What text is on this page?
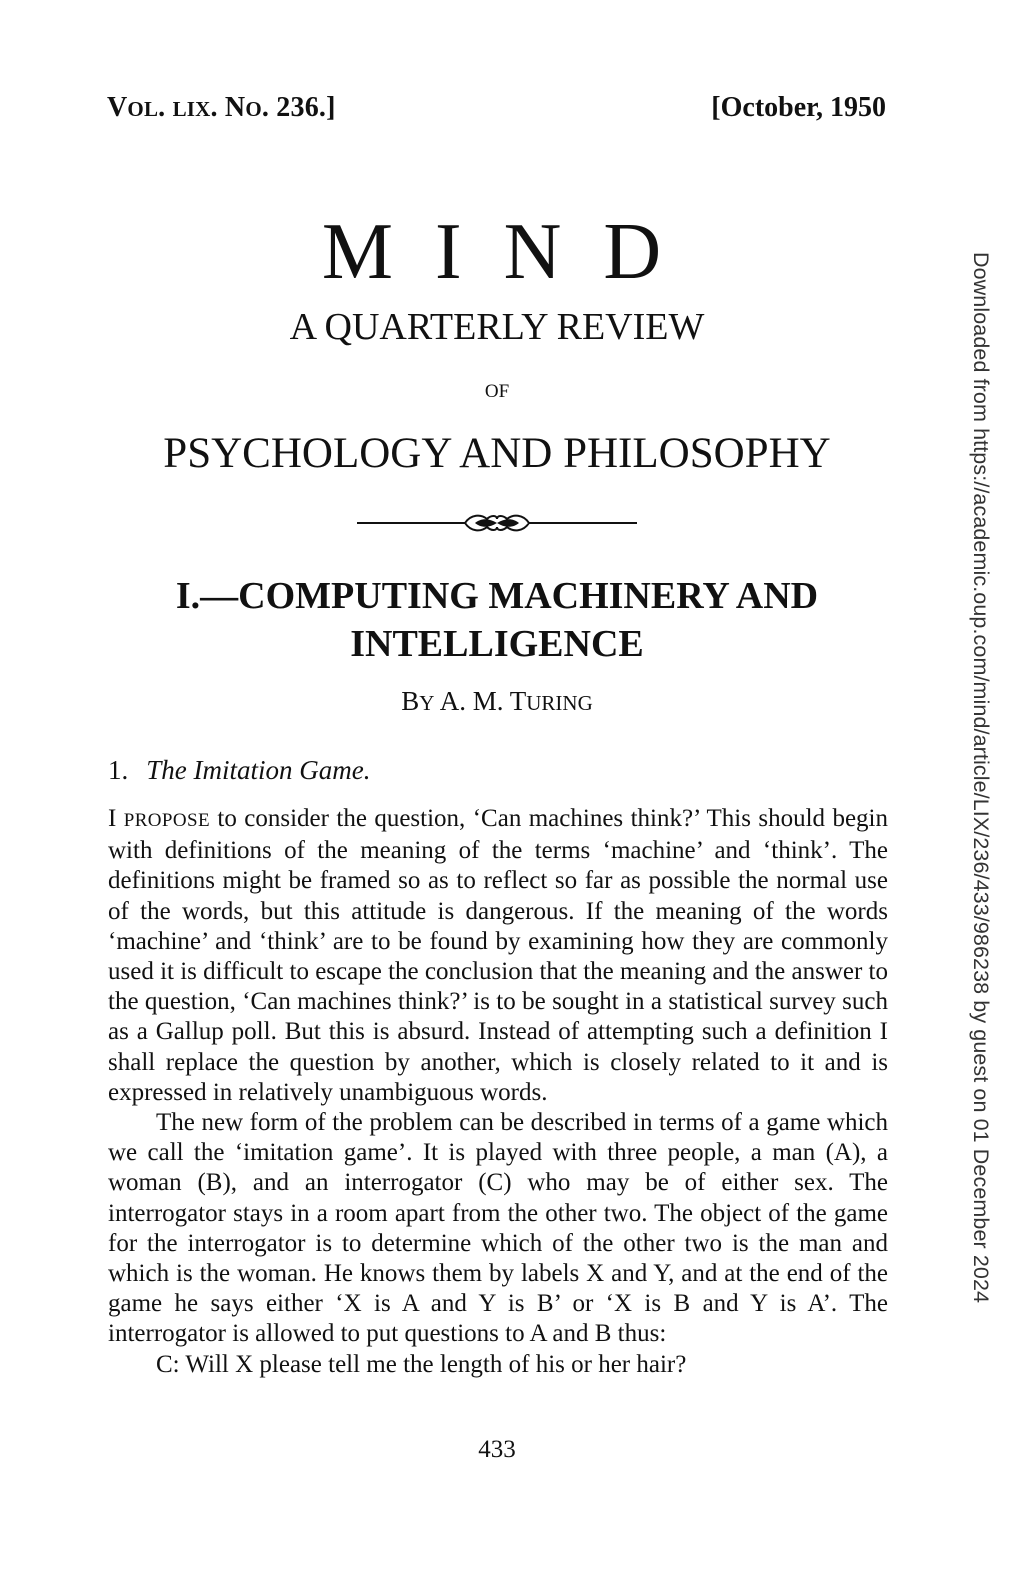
VOL. LIX. NO. 236.]	[October, 1950
M I N D
A QUARTERLY REVIEW
OF
PSYCHOLOGY AND PHILOSOPHY
I.—COMPUTING MACHINERY AND
INTELLIGENCE
BY A. M. TURING
1. The Imitation Game.

I PROPOSE to consider the question, ‘Can machines think?’ This should begin with definitions of the meaning of the terms ‘machine’ and ‘think’. The definitions might be framed so as to reflect so far as possible the normal use of the words, but this attitude is dangerous. If the meaning of the words ‘machine’ and ‘think’ are to be found by examining how they are commonly used it is difficult to escape the conclusion that the meaning and the answer to the question, ‘Can machines think?’ is to be sought in a statistical survey such as a Gallup poll. But this is absurd. Instead of attempting such a definition I shall replace the question by another, which is closely related to it and is expressed in relatively unambiguous words.

The new form of the problem can be described in terms of a game which we call the ‘imitation game’. It is played with three people, a man (A), a woman (B), and an interrogator (C) who may be of either sex. The interrogator stays in a room apart from the other two. The object of the game for the interrogator is to determine which of the other two is the man and which is the woman. He knows them by labels X and Y, and at the end of the game he says either ‘X is A and Y is B’ or ‘X is B and Y is A’. The interrogator is allowed to put questions to A and B thus:

C: Will X please tell me the length of his or her hair?

433
Downloaded from https://academic.oup.com/mind/article/LIX/236/433/986238 by guest on 01 December 2024
